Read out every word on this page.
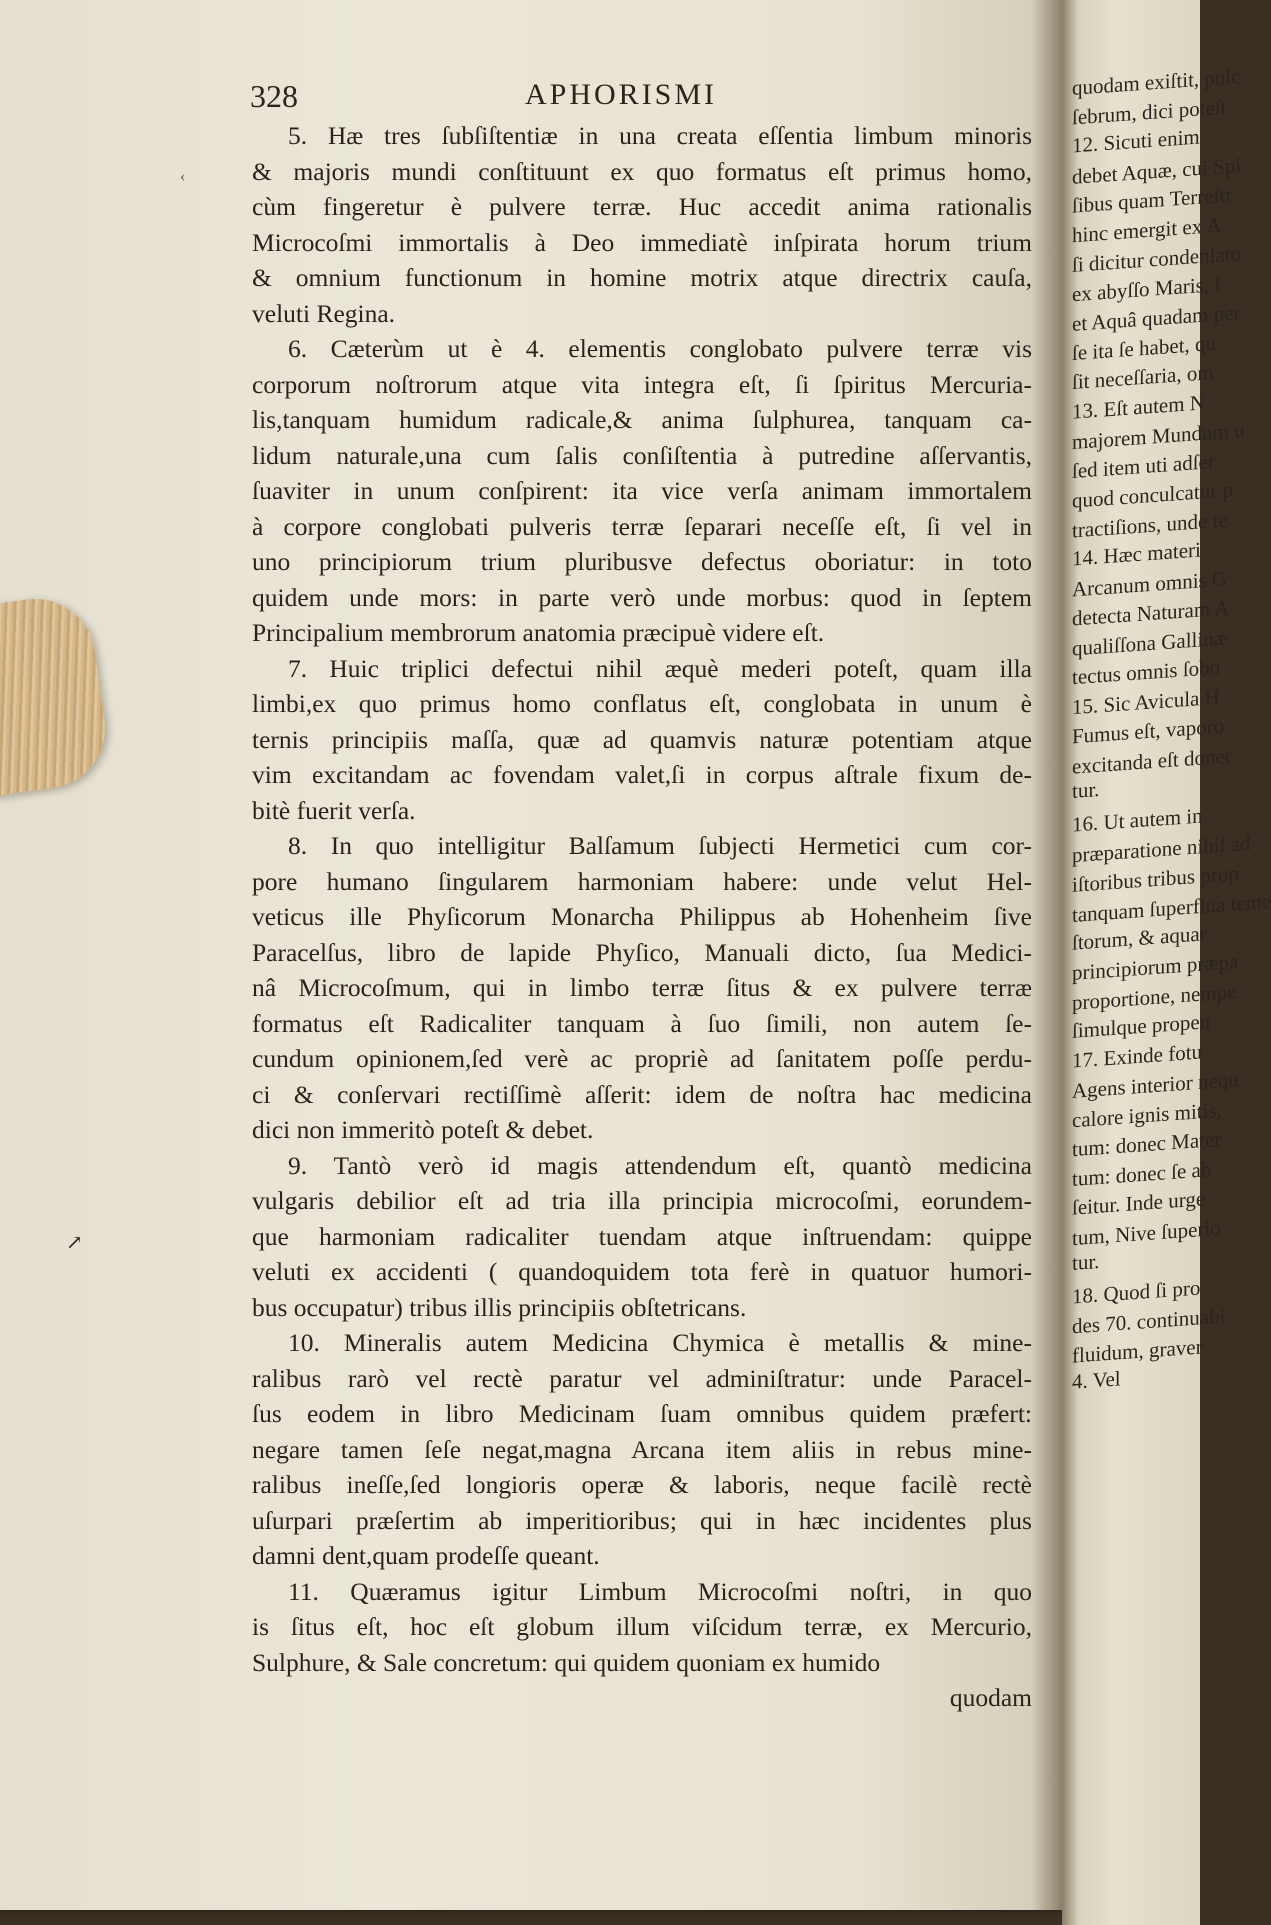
328	APHORISMI
5. Hæ tres ſubſiſtentiæ in una creata eſſentia limbum minoris
& majoris mundi conſtituunt ex quo formatus eſt primus homo,
cùm fingeretur è pulvere terræ. Huc accedit anima rationalis
Microcoſmi immortalis à Deo immediatè inſpirata horum trium
& omnium functionum in homine motrix atque directrix cauſa,
veluti Regina.
6. Cæterùm ut è 4. elementis conglobato pulvere terræ vis
corporum noſtrorum atque vita integra eſt, ſi ſpiritus Mercuria-
lis,tanquam humidum radicale,& anima ſulphurea, tanquam ca-
lidum naturale,una cum ſalis conſiſtentia à putredine aſſervantis,
ſuaviter in unum conſpirent: ita vice verſa animam immortalem
à corpore conglobati pulveris terræ ſeparari neceſſe eſt, ſi vel in
uno principiorum trium pluribusve defectus oboriatur: in toto
quidem unde mors: in parte verò unde morbus: quod in ſeptem
Principalium membrorum anatomia præcipuè videre eſt.
7. Huic triplici defectui nihil æquè mederi poteſt, quam illa
limbi,ex quo primus homo conflatus eſt, conglobata in unum è
ternis principiis maſſa, quæ ad quamvis naturæ potentiam atque
vim excitandam ac fovendam valet,ſi in corpus aſtrale fixum de-
bitè fuerit verſa.
8. In quo intelligitur Balſamum ſubjecti Hermetici cum cor-
pore humano ſingularem harmoniam habere: unde velut Hel-
veticus ille Phyſicorum Monarcha Philippus ab Hohenheim ſive
Paracelſus, libro de lapide Phyſico, Manuali dicto, ſua Medici-
nâ Microcoſmum, qui in limbo terræ ſitus & ex pulvere terræ
formatus eſt Radicaliter tanquam à ſuo ſimili, non autem ſe-
cundum opinionem,ſed verè ac propriè ad ſanitatem poſſe perdu-
ci & conſervari rectiſſimè aſſerit: idem de noſtra hac medicina
dici non immeritò poteſt & debet.
9. Tantò verò id magis attendendum eſt, quantò medicina
vulgaris debilior eſt ad tria illa principia microcoſmi, eorundem-
que harmoniam radicaliter tuendam atque inſtruendam: quippe
veluti ex accidenti ( quandoquidem tota ferè in quatuor humori-
bus occupatur) tribus illis principiis obſtetricans.
10. Mineralis autem Medicina Chymica è metallis & mine-
ralibus rarò vel rectè paratur vel adminiſtratur: unde Paracel-
ſus eodem in libro Medicinam ſuam omnibus quidem præfert:
negare tamen ſeſe negat,magna Arcana item aliis in rebus mine-
ralibus ineſſe,ſed longioris operæ & laboris, neque facilè rectè
uſurpari præſertim ab imperitioribus; qui in hæc incidentes plus
damni dent,quam prodeſſe queant.
11. Quæramus igitur Limbum Microcoſmi noſtri, in quo
is ſitus eſt, hoc eſt globum illum viſcidum terræ, ex Mercurio,
Sulphure, & Sale concretum: qui quidem quoniam ex humido
quodam
‹
↗
quodam exiſtit, pulc
ſebrum, dici poteſt
12. Sicuti enim
debet Aquæ, cui Spi
ſibus quam Terreſtr
hinc emergit ex A
ſi dicitur condenſato
ex abyſſo Maris, f
et Aquâ quadam per
ſe ita ſe habet, qu
ſit neceſſaria, om
13. Eſt autem N
majorem Mundum u
ſed item uti adſer
quod conculcatur p
tractiſions, unde te
14. Hæc materi
Arcanum omnis G
detecta Naturam A
qualiſſona Gallinæ
tectus omnis ſobo
15. Sic Avicula H
Fumus eſt, vaporo
excitanda eſt donec
tur.
16. Ut autem in
præparatione nihil ad
iſtoribus tribus prop
tanquam ſuperflua teme
ſtorum, & aquar
principiorum præpa
proportione, nempe
ſimulque propen
17. Exinde fotu
Agens interior nequ
calore ignis mitis,
tum: donec Mater
tum: donec ſe ab
ſeitur. Inde urge
tum, Nive ſuperio
tur.
18. Quod ſi pro
des 70. continuabi
fluidum, graver
4. Vel
